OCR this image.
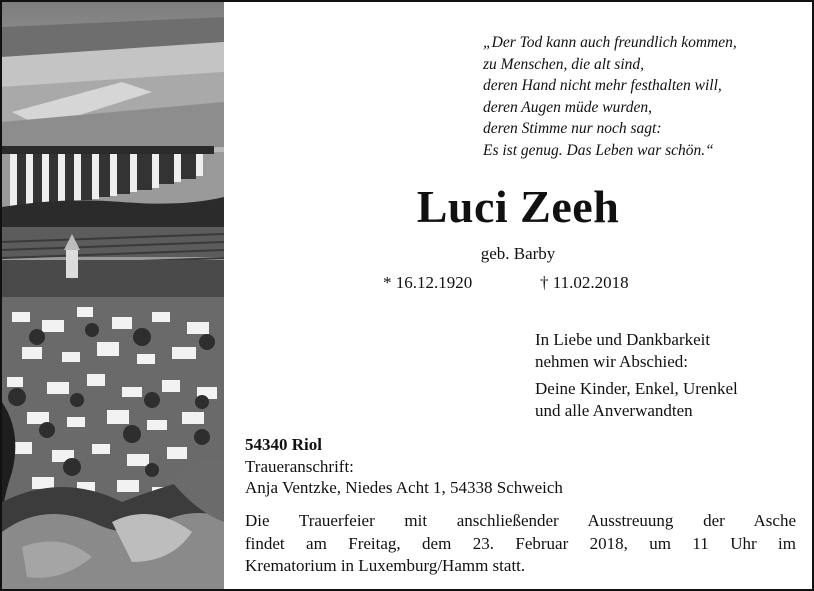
„Der Tod kann auch freundlich kommen,
zu Menschen, die alt sind,
deren Hand nicht mehr festhalten will,
deren Augen müde wurden,
deren Stimme nur noch sagt:
Es ist genug. Das Leben war schön.“
Luci Zeeh
geb. Barby
* 16.12.1920	† 11.02.2018
In Liebe und Dankbarkeit
nehmen wir Abschied:
Deine Kinder, Enkel, Urenkel
und alle Anverwandten
54340 Riol
Traueranschrift:
Anja Ventzke, Niedes Acht 1, 54338 Schweich
Die Trauerfeier mit anschließender Ausstreuung der Asche
findet am Freitag, dem 23. Februar 2018, um 11 Uhr im
Krematorium in Luxemburg/Hamm statt.
